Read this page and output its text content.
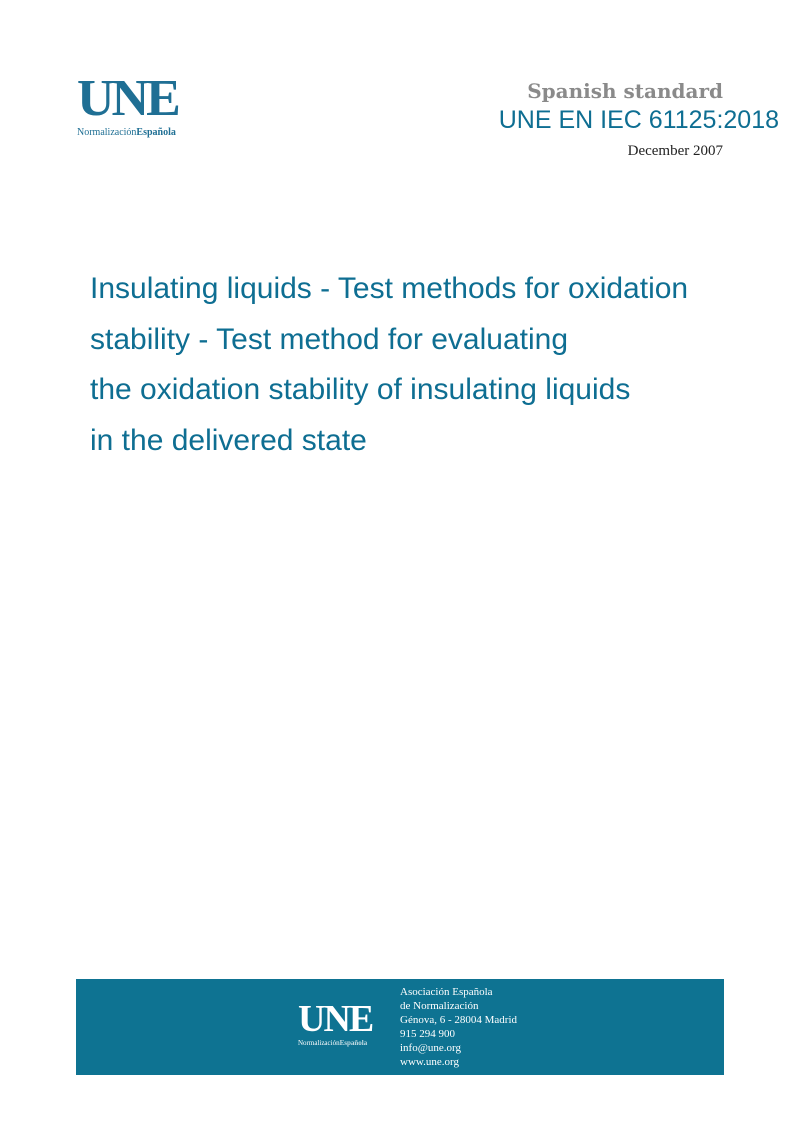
UNE
NormalizaciónEspañola
Spanish standard
UNE EN IEC 61125:2018
December 2007
Insulating liquids - Test methods for oxidation
stability - Test method for evaluating
the oxidation stability of insulating liquids
in the delivered state
UNE
NormalizaciónEspañola
Asociación Española
de Normalización
Génova, 6 - 28004 Madrid
915 294 900
info@une.org
www.une.org
